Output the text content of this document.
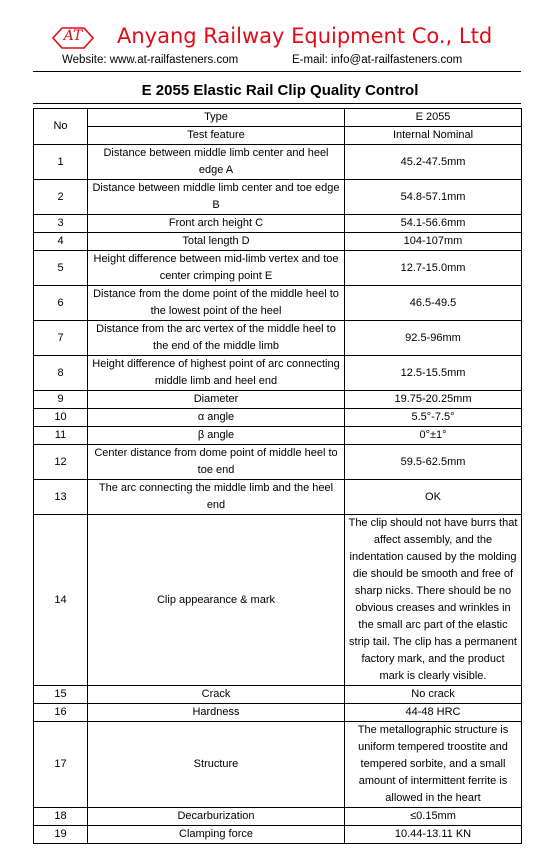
AT	Anyang Railway Equipment Co., Ltd
Website: www.at-railfasteners.com	E-mail: info@at-railfasteners.com
E 2055 Elastic Rail Clip Quality Control
No	Type	E 2055
	Test feature	Internal Nominal
1	Distance between middle limb center and heel edge A	45.2-47.5mm
2	Distance between middle limb center and toe edge B	54.8-57.1mm
3	Front arch height C	54.1-56.6mm
4	Total length D	104-107mm
5	Height difference between mid-limb vertex and toe center crimping point E	12.7-15.0mm
6	Distance from the dome point of the middle heel to the lowest point of the heel	46.5-49.5
7	Distance from the arc vertex of the middle heel to the end of the middle limb	92.5-96mm
8	Height difference of highest point of arc connecting middle limb and heel end	12.5-15.5mm
9	Diameter	19.75-20.25mm
10	α angle	5.5°-7.5°
11	β angle	0°±1°
12	Center distance from dome point of middle heel to toe end	59.5-62.5mm
13	The arc connecting the middle limb and the heel end	OK
14	Clip appearance & mark	The clip should not have burrs that affect assembly, and the indentation caused by the molding die should be smooth and free of sharp nicks. There should be no obvious creases and wrinkles in the small arc part of the elastic strip tail. The clip has a permanent factory mark, and the product mark is clearly visible.
15	Crack	No crack
16	Hardness	44-48 HRC
17	Structure	The metallographic structure is uniform tempered troostite and tempered sorbite, and a small amount of intermittent ferrite is allowed in the heart
18	Decarburization	≤0.15mm
19	Clamping force	10.44-13.11 KN
